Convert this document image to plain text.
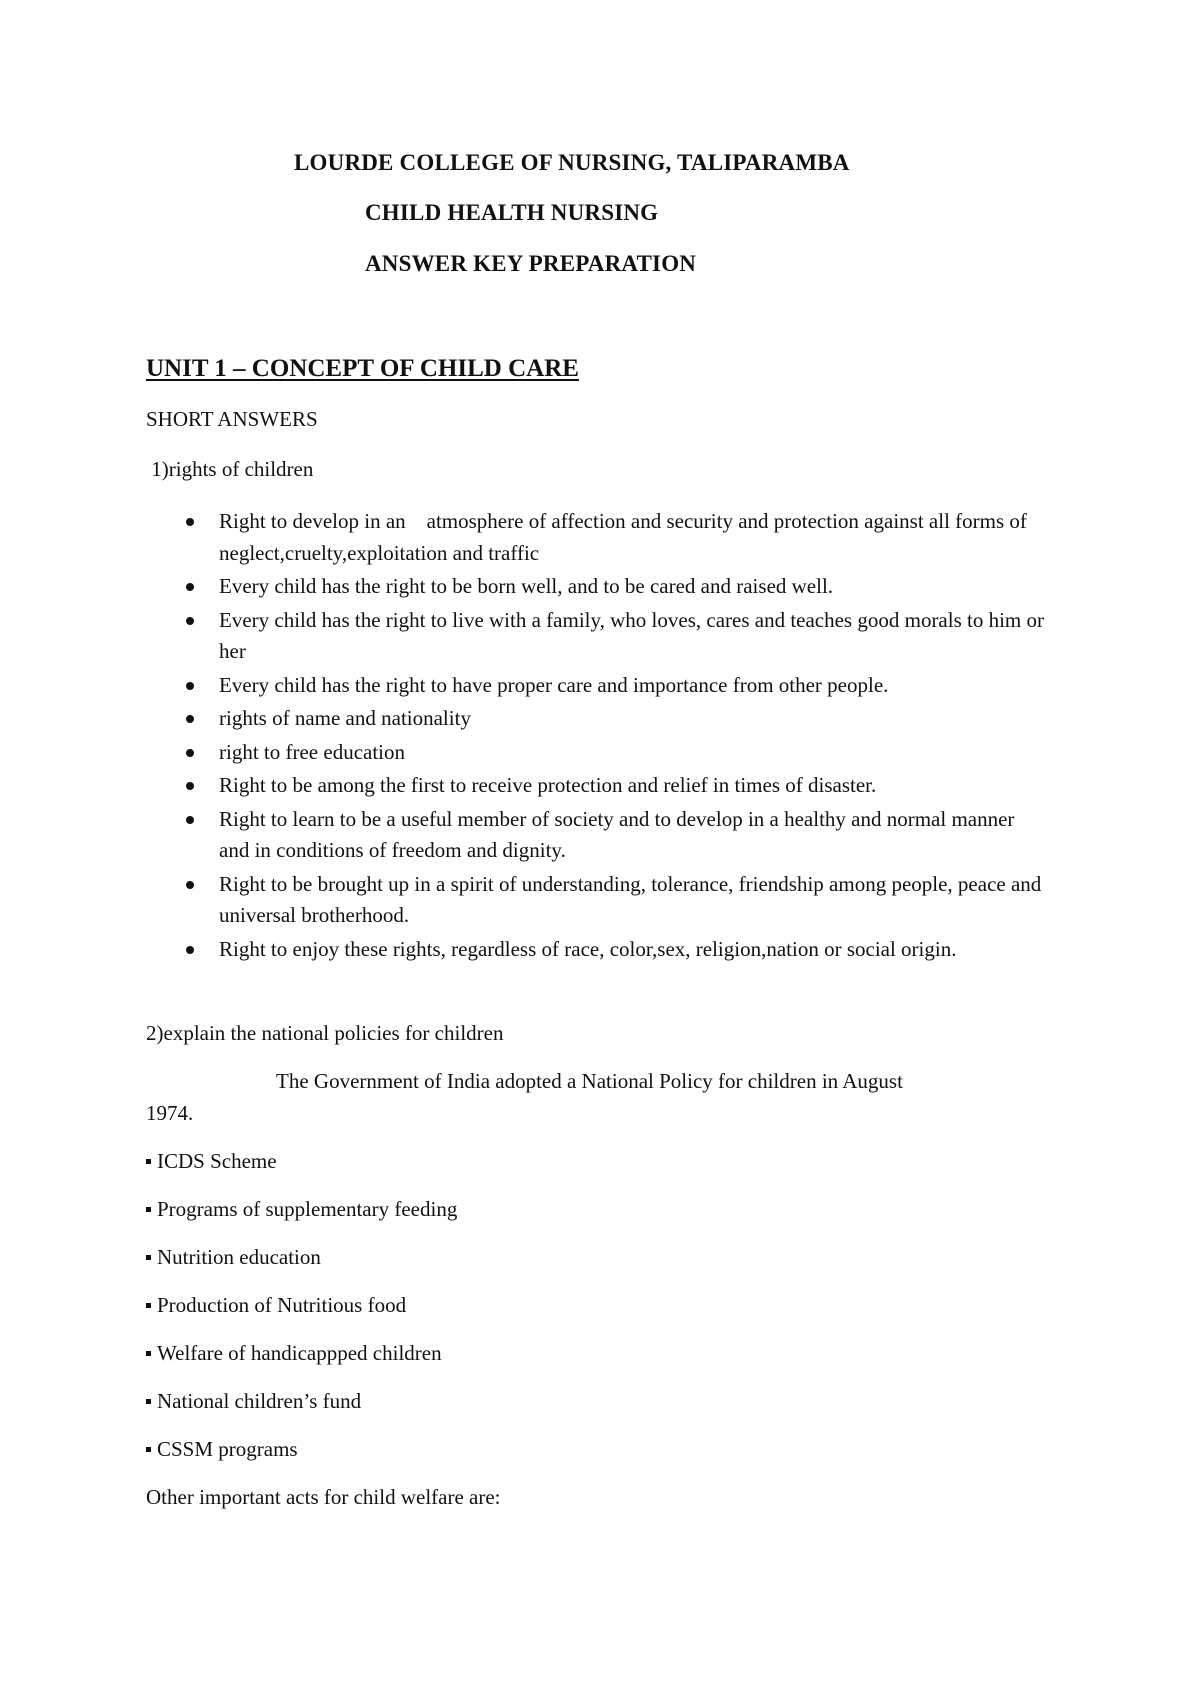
LOURDE COLLEGE OF NURSING, TALIPARAMBA
CHILD HEALTH NURSING
ANSWER KEY PREPARATION
UNIT 1 – CONCEPT OF CHILD CARE
SHORT ANSWERS
1)rights of children
Right to develop in an    atmosphere of affection and security and protection against all forms of neglect,cruelty,exploitation and traffic
Every child has the right to be born well, and to be cared and raised well.
Every child has the right to live with a family, who loves, cares and teaches good morals to him or her
Every child has the right to have proper care and importance from other people.
rights of name and nationality
right to free education
Right to be among the first to receive protection and relief in times of disaster.
Right to learn to be a useful member of society and to develop in a healthy and normal manner and in conditions of freedom and dignity.
Right to be brought up in a spirit of understanding, tolerance, friendship among people, peace and universal brotherhood.
Right to enjoy these rights, regardless of race, color,sex, religion,nation or social origin.
2)explain the national policies for children
The Government of India adopted a National Policy for children in August
1974.
ICDS Scheme
Programs of supplementary feeding
Nutrition education
Production of Nutritious food
Welfare of handicappped children
National children’s fund
CSSM programs
Other important acts for child welfare are:
